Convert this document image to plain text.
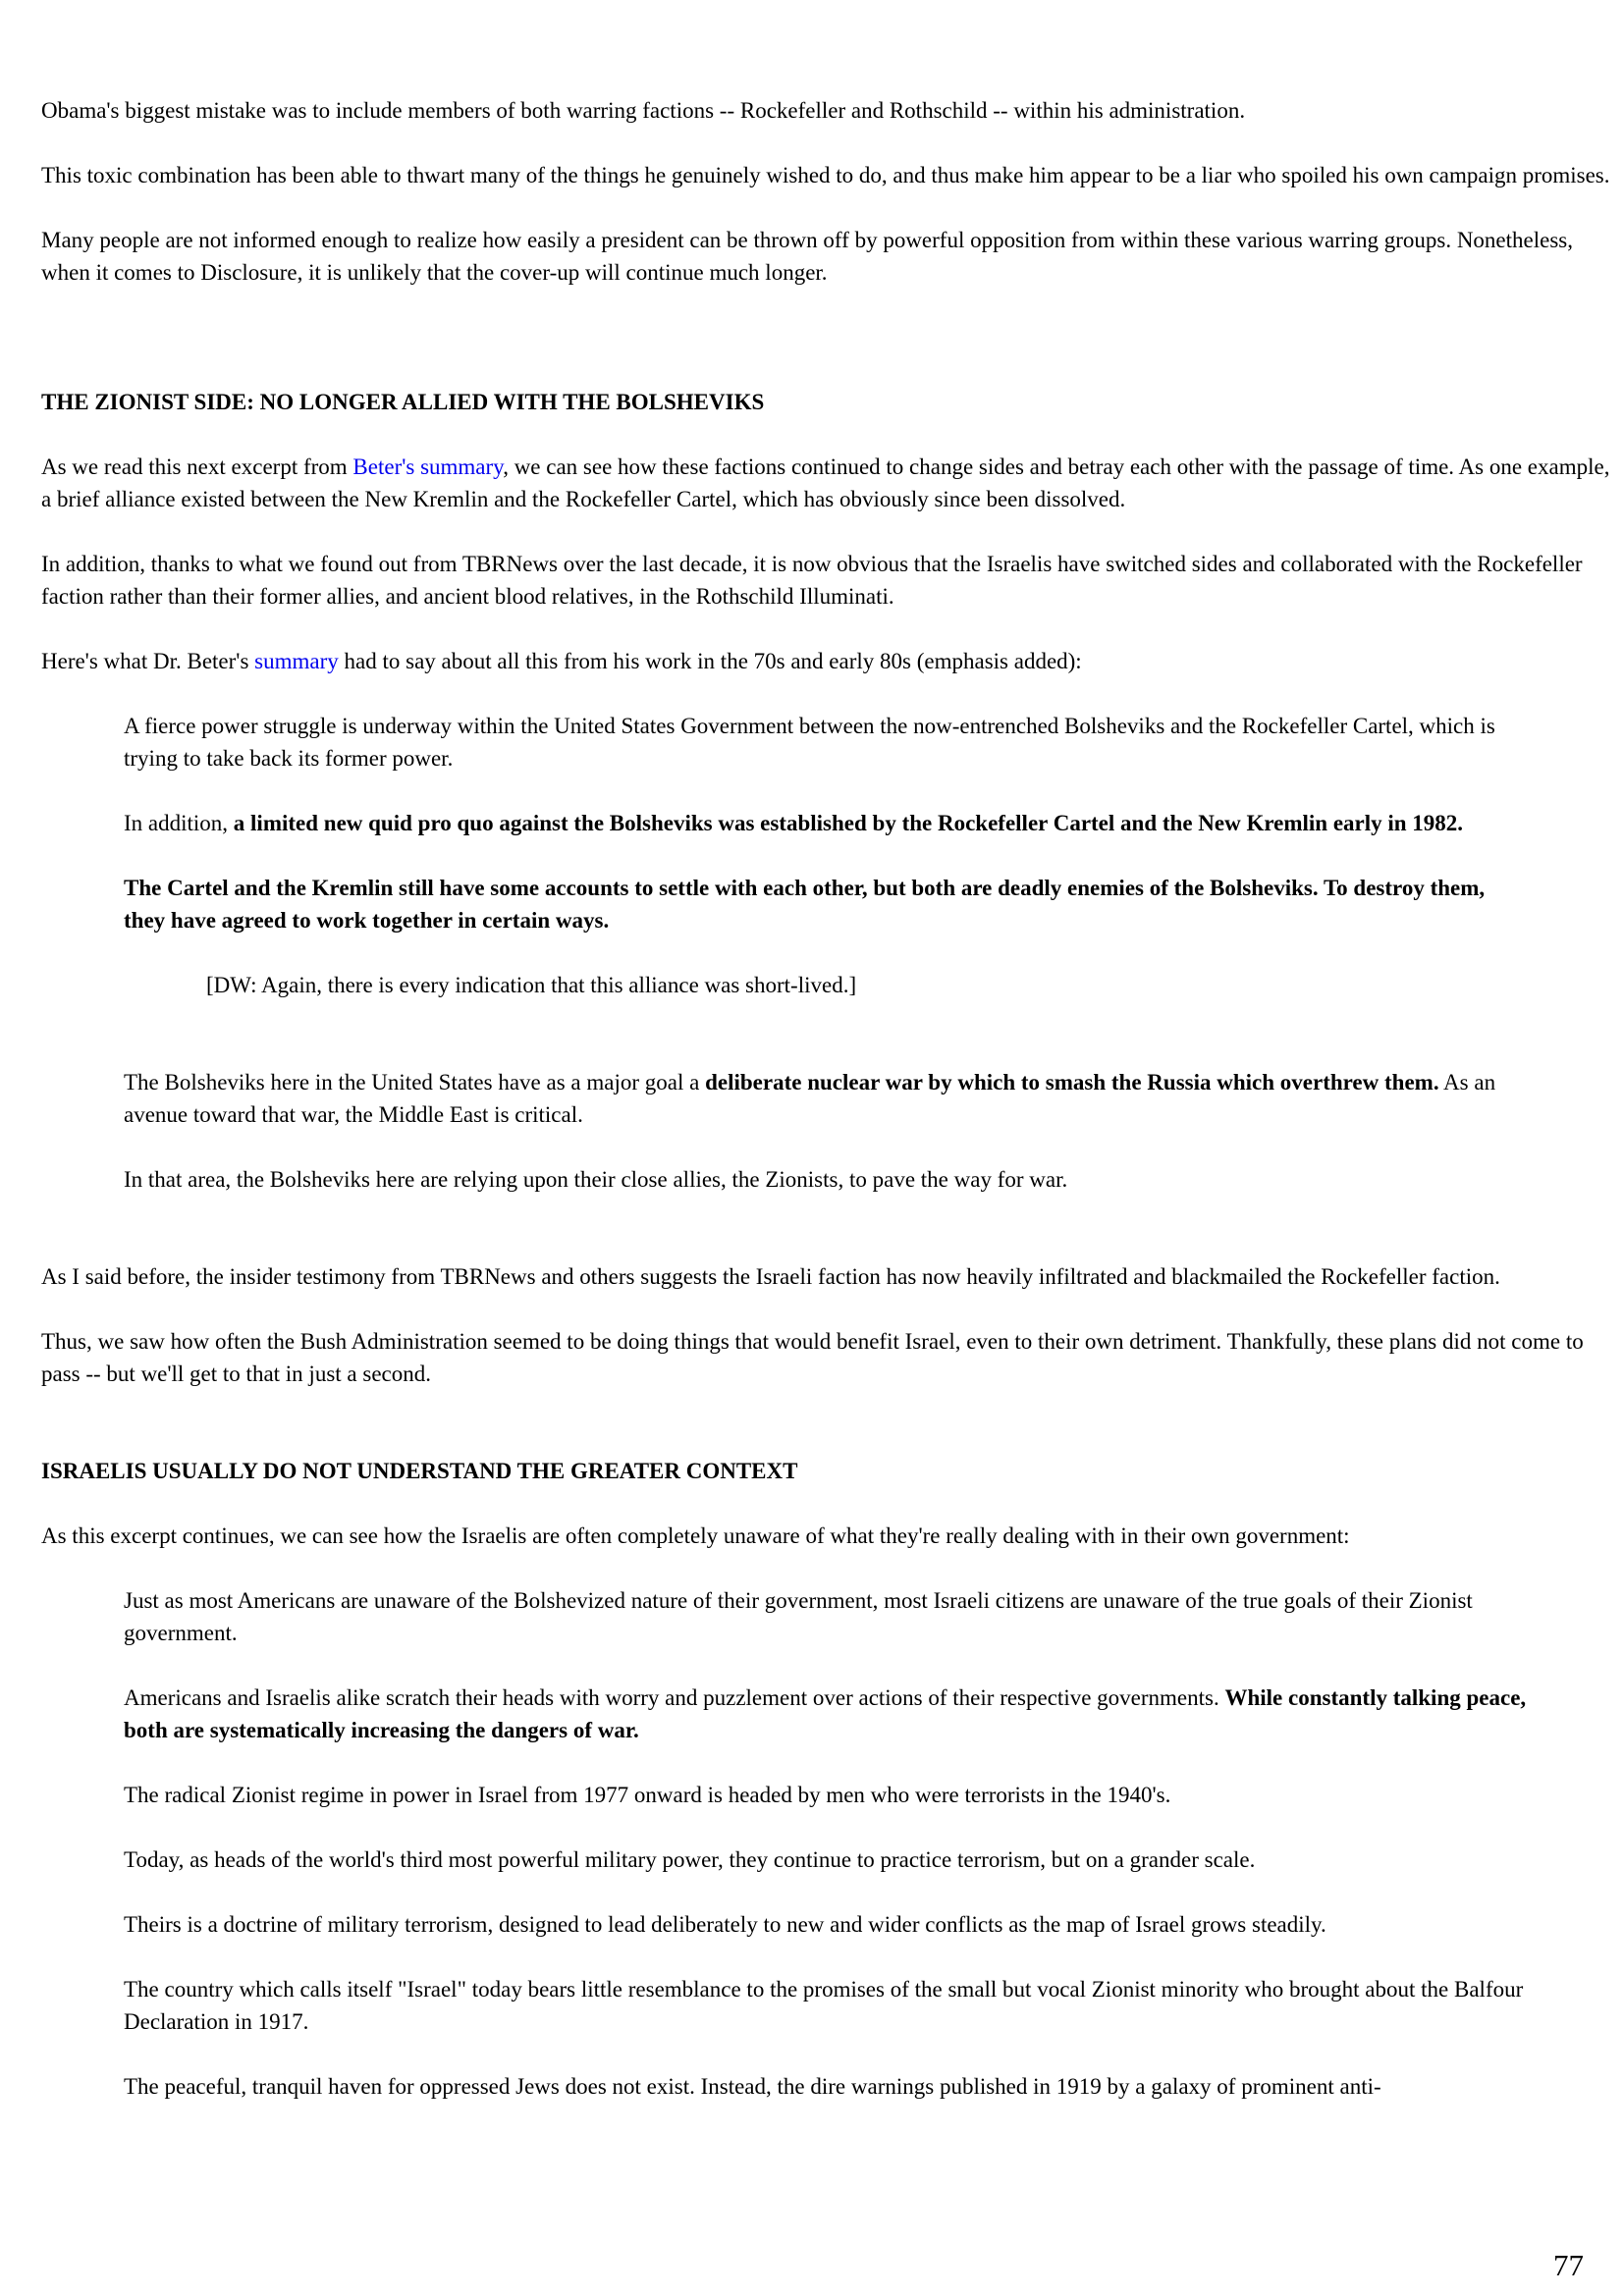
Obama's biggest mistake was to include members of both warring factions -- Rockefeller and Rothschild -- within his administration.

This toxic combination has been able to thwart many of the things he genuinely wished to do, and thus make him appear to be a liar who spoiled his own campaign promises.

Many people are not informed enough to realize how easily a president can be thrown off by powerful opposition from within these various warring groups. Nonetheless, when it comes to Disclosure, it is unlikely that the cover-up will continue much longer.

THE ZIONIST SIDE: NO LONGER ALLIED WITH THE BOLSHEVIKS

As we read this next excerpt from Beter's summary, we can see how these factions continued to change sides and betray each other with the passage of time. As one example, a brief alliance existed between the New Kremlin and the Rockefeller Cartel, which has obviously since been dissolved.

In addition, thanks to what we found out from TBRNews over the last decade, it is now obvious that the Israelis have switched sides and collaborated with the Rockefeller faction rather than their former allies, and ancient blood relatives, in the Rothschild Illuminati.

Here's what Dr. Beter's summary had to say about all this from his work in the 70s and early 80s (emphasis added):

A fierce power struggle is underway within the United States Government between the now-entrenched Bolsheviks and the Rockefeller Cartel, which is trying to take back its former power.

In addition, a limited new quid pro quo against the Bolsheviks was established by the Rockefeller Cartel and the New Kremlin early in 1982.

The Cartel and the Kremlin still have some accounts to settle with each other, but both are deadly enemies of the Bolsheviks. To destroy them, they have agreed to work together in certain ways.

[DW: Again, there is every indication that this alliance was short-lived.]

The Bolsheviks here in the United States have as a major goal a deliberate nuclear war by which to smash the Russia which overthrew them. As an avenue toward that war, the Middle East is critical.

In that area, the Bolsheviks here are relying upon their close allies, the Zionists, to pave the way for war.

As I said before, the insider testimony from TBRNews and others suggests the Israeli faction has now heavily infiltrated and blackmailed the Rockefeller faction.

Thus, we saw how often the Bush Administration seemed to be doing things that would benefit Israel, even to their own detriment. Thankfully, these plans did not come to pass -- but we'll get to that in just a second.

ISRAELIS USUALLY DO NOT UNDERSTAND THE GREATER CONTEXT

As this excerpt continues, we can see how the Israelis are often completely unaware of what they're really dealing with in their own government:

Just as most Americans are unaware of the Bolshevized nature of their government, most Israeli citizens are unaware of the true goals of their Zionist government.

Americans and Israelis alike scratch their heads with worry and puzzlement over actions of their respective governments. While constantly talking peace, both are systematically increasing the dangers of war.

The radical Zionist regime in power in Israel from 1977 onward is headed by men who were terrorists in the 1940's.

Today, as heads of the world's third most powerful military power, they continue to practice terrorism, but on a grander scale.

Theirs is a doctrine of military terrorism, designed to lead deliberately to new and wider conflicts as the map of Israel grows steadily.

The country which calls itself "Israel" today bears little resemblance to the promises of the small but vocal Zionist minority who brought about the Balfour Declaration in 1917.

The peaceful, tranquil haven for oppressed Jews does not exist. Instead, the dire warnings published in 1919 by a galaxy of prominent anti-

77
